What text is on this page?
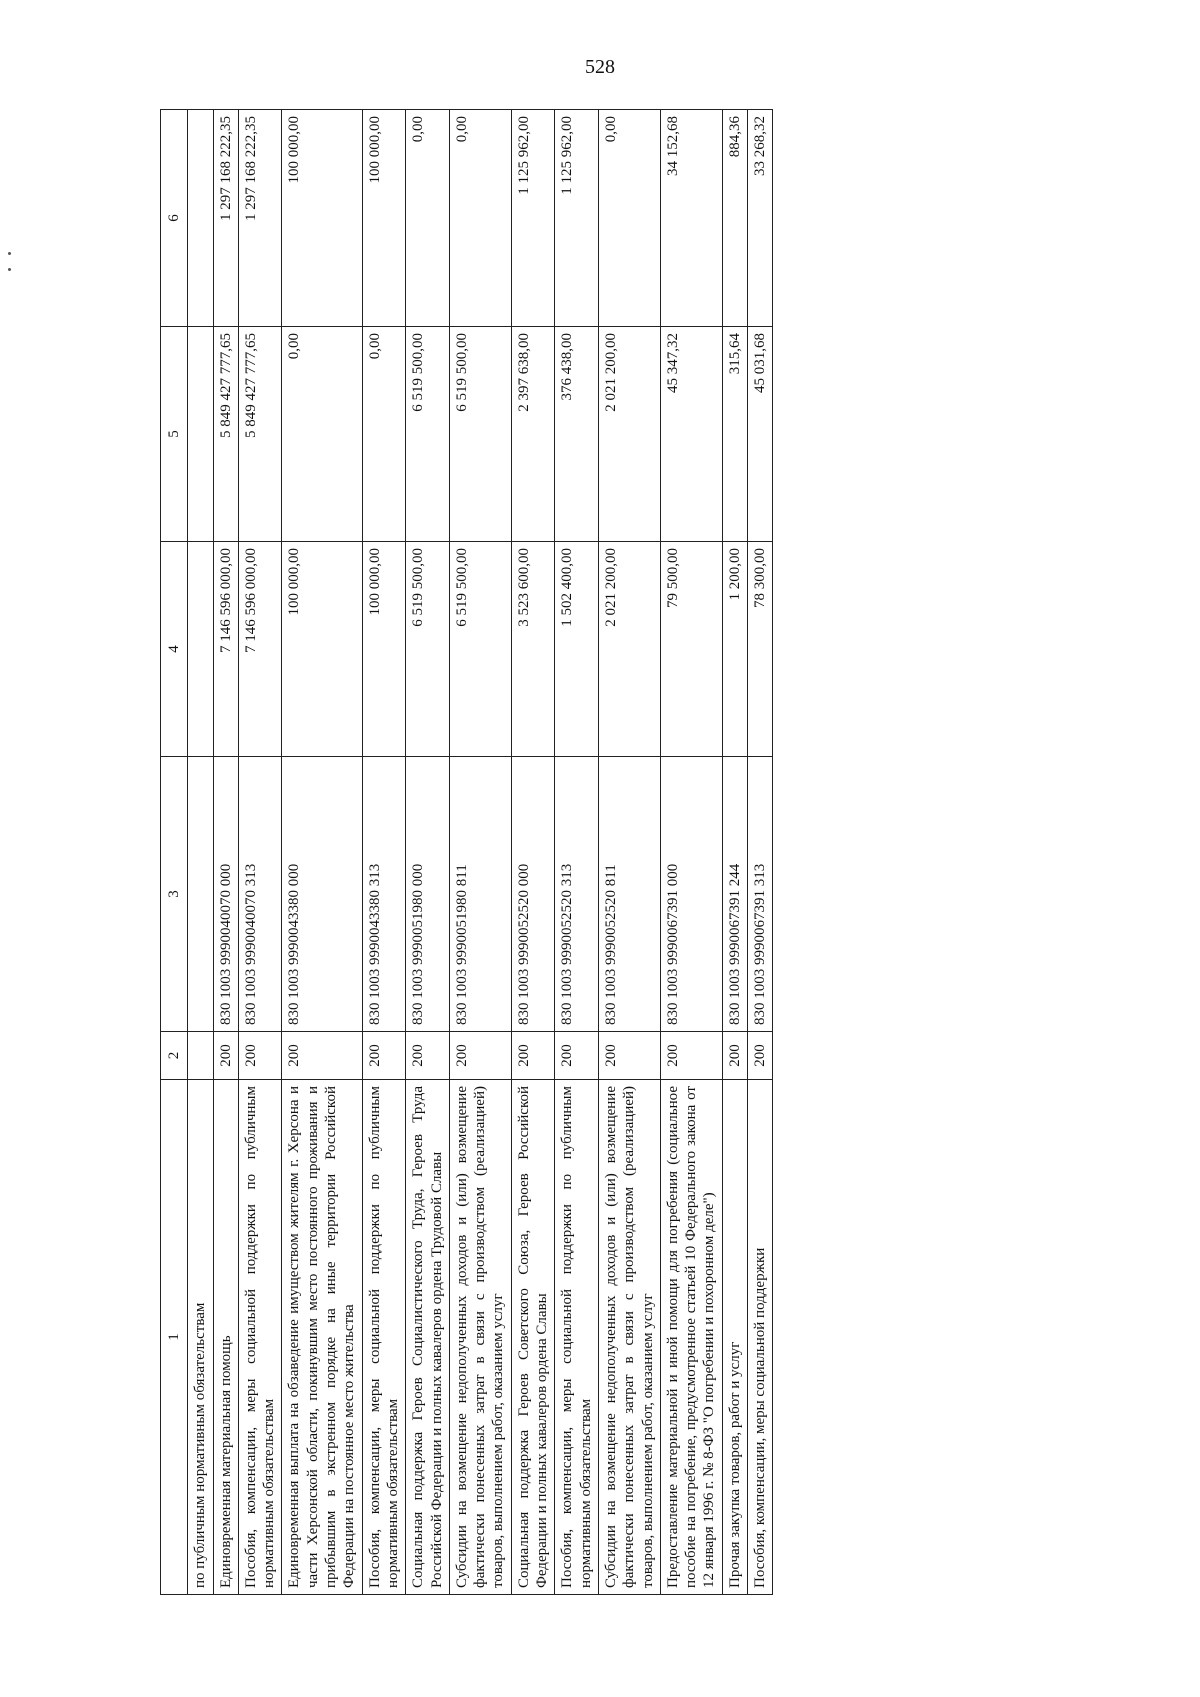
528
1	2	3	4	5	6
по публичным нормативным обязательствам					
Единовременная материальная помощь	200	830 1003 9990040070 000	7 146 596 000,00	5 849 427 777,65	1 297 168 222,35
Пособия, компенсации, меры социальной поддержки по публичным нормативным обязательствам	200	830 1003 9990040070 313	7 146 596 000,00	5 849 427 777,65	1 297 168 222,35
Единовременная выплата на обзаведение имуществом жителям г. Херсона и части Херсонской области, покинувшим место постоянного проживания и прибывшим в экстренном порядке на иные территории Российской Федерации на постоянное место жительства	200	830 1003 9990043380 000	100 000,00	0,00	100 000,00
Пособия, компенсации, меры социальной поддержки по публичным нормативным обязательствам	200	830 1003 9990043380 313	100 000,00	0,00	100 000,00
Социальная поддержка Героев Социалистического Труда, Героев Труда Российской Федерации и полных кавалеров ордена Трудовой Славы	200	830 1003 9990051980 000	6 519 500,00	6 519 500,00	0,00
Субсидии на возмещение недополученных доходов и (или) возмещение фактически понесенных затрат в связи с производством (реализацией) товаров, выполнением работ, оказанием услуг	200	830 1003 9990051980 811	6 519 500,00	6 519 500,00	0,00
Социальная поддержка Героев Советского Союза, Героев Российской Федерации и полных кавалеров ордена Славы	200	830 1003 9990052520 000	3 523 600,00	2 397 638,00	1 125 962,00
Пособия, компенсации, меры социальной поддержки по публичным нормативным обязательствам	200	830 1003 9990052520 313	1 502 400,00	376 438,00	1 125 962,00
Субсидии на возмещение недополученных доходов и (или) возмещение фактически понесенных затрат в связи с производством (реализацией) товаров, выполнением работ, оказанием услуг	200	830 1003 9990052520 811	2 021 200,00	2 021 200,00	0,00
Предоставление материальной и иной помощи для погребения (социальное пособие на погребение, предусмотренное статьей 10 Федерального закона от 12 января 1996 г. № 8-ФЗ "О погребении и похоронном деле")	200	830 1003 9990067391 000	79 500,00	45 347,32	34 152,68
Прочая закупка товаров, работ и услуг	200	830 1003 9990067391 244	1 200,00	315,64	884,36
Пособия, компенсации, меры социальной поддержки	200	830 1003 9990067391 313	78 300,00	45 031,68	33 268,32
